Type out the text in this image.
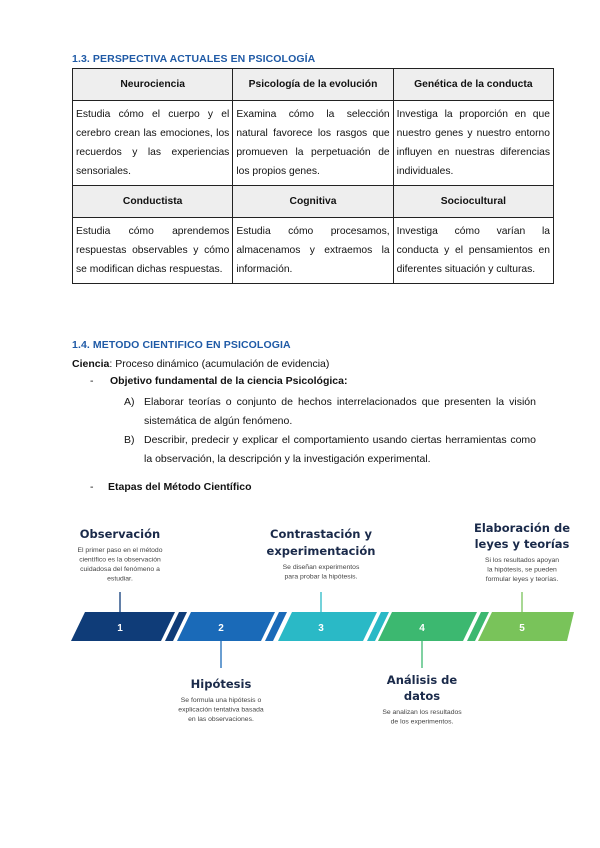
1.3. PERSPECTIVA ACTUALES EN PSICOLOGÍA
Neurociencia	Psicología de la evolución	Genética de la conducta
Estudia cómo el cuerpo y el cerebro crean las emociones, los recuerdos y las experiencias sensoriales.	Examina cómo la selección natural favorece los rasgos que promueven la perpetuación de los propios genes.	Investiga la proporción en que nuestro genes y nuestro entorno influyen en nuestras diferencias individuales.
Conductista	Cognitiva	Sociocultural
Estudia cómo aprendemos respuestas observables y cómo se modifican dichas respuestas.	Estudia cómo procesamos, almacenamos y extraemos la información.	Investiga cómo varían la conducta y el pensamientos en diferentes situación y culturas.
1.4. METODO CIENTIFICO EN PSICOLOGIA
Ciencia: Proceso dinámico (acumulación de evidencia)
- Objetivo fundamental de la ciencia Psicológica:
A) Elaborar teorías o conjunto de hechos interrelacionados que presenten la visión sistemática de algún fenómeno.
B) Describir, predecir y explicar el comportamiento usando ciertas herramientas como la observación, la descripción y la investigación experimental.
- Etapas del Método Científico
1
Observación
El primer paso en el método
científico es la observación
cuidadosa del fenómeno a
estudiar.
2
Hipótesis
Se formula una hipótesis o
explicación tentativa basada
en las observaciones.
3
Contrastación y
experimentación
Se diseñan experimentos
para probar la hipótesis.
4
Análisis de
datos
Se analizan los resultados
de los experimentos.
5
Elaboración de
leyes y teorías
Si los resultados apoyan
la hipótesis, se pueden
formular leyes y teorías.
